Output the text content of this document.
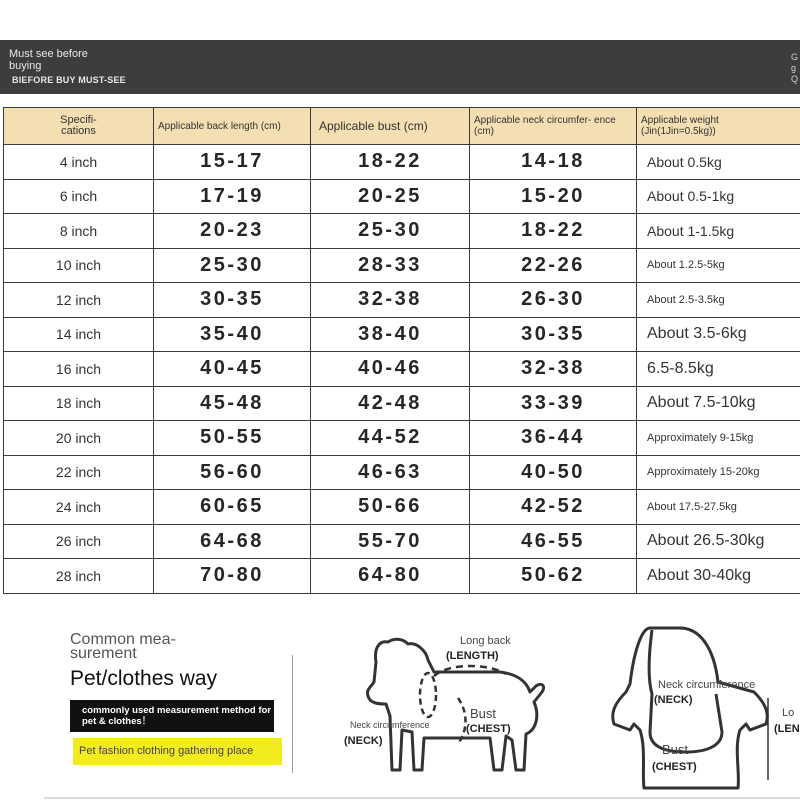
Must see before buying
BIEFORE BUY MUST-SEE
G
g
Q
Specifi-
cations	Applicable back length (cm)	Applicable bust (cm)	Applicable neck circumfer- ence (cm)	Applicable weight (Jin(1Jin=0.5kg))
4 inch	15-17	18-22	14-18	About 0.5kg
6 inch	17-19	20-25	15-20	About 0.5-1kg
8 inch	20-23	25-30	18-22	About 1-1.5kg
10 inch	25-30	28-33	22-26	About 1.2.5-5kg
12 inch	30-35	32-38	26-30	About 2.5-3.5kg
14 inch	35-40	38-40	30-35	About 3.5-6kg
16 inch	40-45	40-46	32-38	6.5-8.5kg
18 inch	45-48	42-48	33-39	About 7.5-10kg
20 inch	50-55	44-52	36-44	Approximately 9-15kg
22 inch	56-60	46-63	40-50	Approximately 15-20kg
24 inch	60-65	50-66	42-52	About 17.5-27.5kg
26 inch	64-68	55-70	46-55	About 26.5-30kg
28 inch	70-80	64-80	50-62	About 30-40kg
Common mea- surement
Pet/clothes way
commonly used measurement method for pet & clothes！
Pet fashion clothing gathering place
Long back
(LENGTH)
Neck circumference
(NECK)
Bust
(CHEST)
Neck circumference
(NECK)
Bust
(CHEST)
Lo
(LEN
